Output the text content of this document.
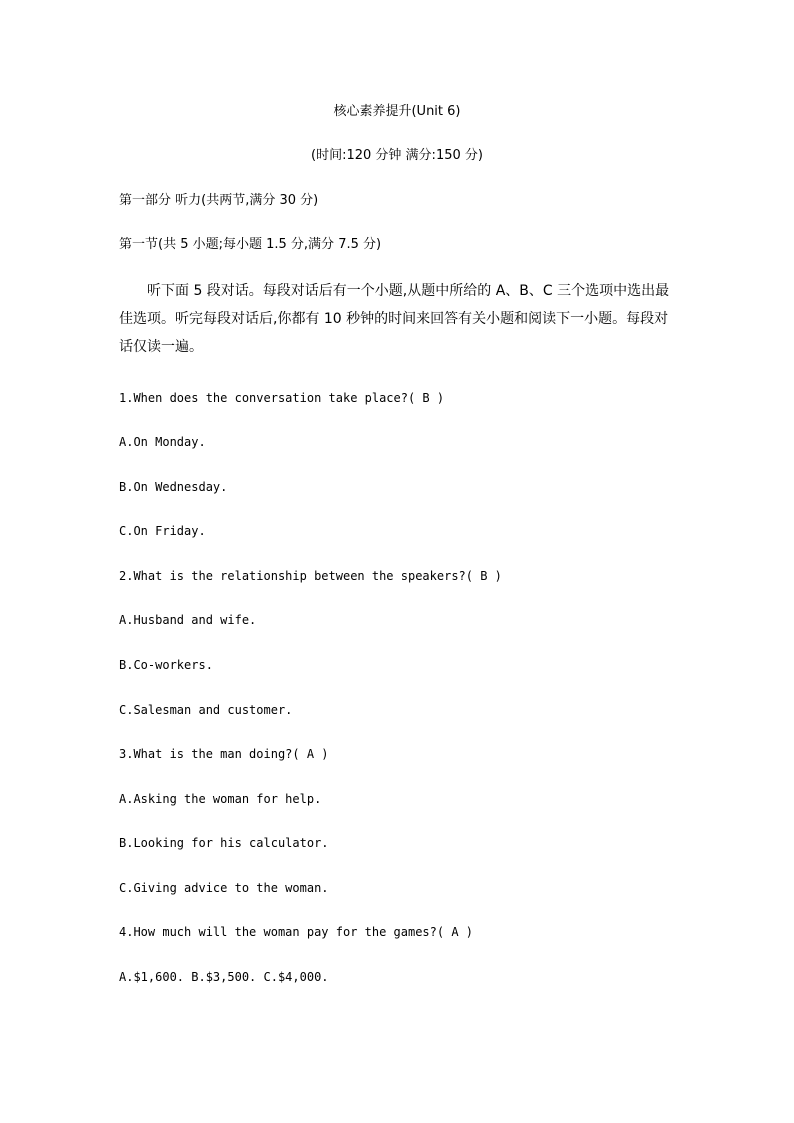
核心素养提升(Unit 6)
(时间:120 分钟 满分:150 分)
第一部分 听力(共两节,满分 30 分)
第一节(共 5 小题;每小题 1.5 分,满分 7.5 分)
听下面 5 段对话。每段对话后有一个小题,从题中所给的 A、B、C 三个选项中选出最佳选项。听完每段对话后,你都有 10 秒钟的时间来回答有关小题和阅读下一小题。每段对话仅读一遍。
1.When does the conversation take place?( B )
A.On Monday.
B.On Wednesday.
C.On Friday.
2.What is the relationship between the speakers?( B )
A.Husband and wife.
B.Co-workers.
C.Salesman and customer.
3.What is the man doing?( A )
A.Asking the woman for help.
B.Looking for his calculator.
C.Giving advice to the woman.
4.How much will the woman pay for the games?( A )
A.$1,600. B.$3,500. C.$4,000.
